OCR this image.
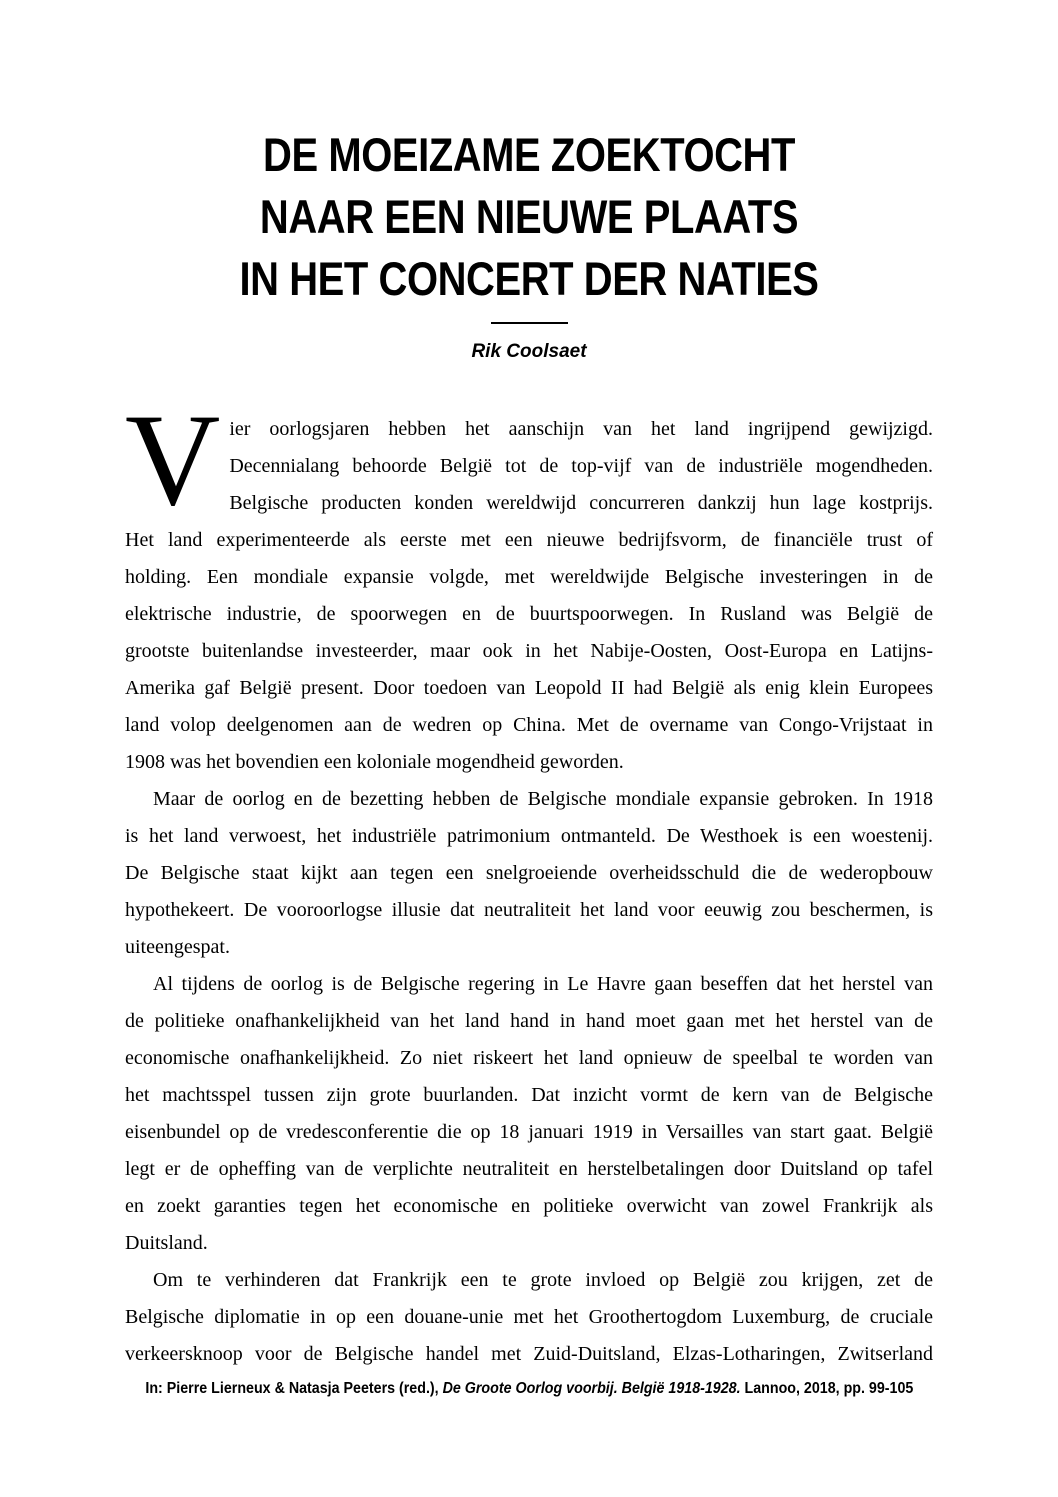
DE MOEIZAME ZOEKTOCHT
NAAR EEN NIEUWE PLAATS
IN HET CONCERT DER NATIES
Rik Coolsaet
V ier oorlogsjaren hebben het aanschijn van het land ingrijpend gewijzigd.
Decennialang behoorde België tot de top-vijf van de industriële mogendheden.
Belgische producten konden wereldwijd concurreren dankzij hun lage kostprijs.
Het land experimenteerde als eerste met een nieuwe bedrijfsvorm, de financiële trust of
holding. Een mondiale expansie volgde, met wereldwijde Belgische investeringen in de
elektrische industrie, de spoorwegen en de buurtspoorwegen. In Rusland was België de
grootste buitenlandse investeerder, maar ook in het Nabije-Oosten, Oost-Europa en Latijns-
Amerika gaf België present. Door toedoen van Leopold II had België als enig klein Europees
land volop deelgenomen aan de wedren op China. Met de overname van Congo-Vrijstaat in
1908 was het bovendien een koloniale mogendheid geworden.
Maar de oorlog en de bezetting hebben de Belgische mondiale expansie gebroken. In 1918
is het land verwoest, het industriële patrimonium ontmanteld. De Westhoek is een woestenij.
De Belgische staat kijkt aan tegen een snelgroeiende overheidsschuld die de wederopbouw
hypothekeert. De vooroorlogse illusie dat neutraliteit het land voor eeuwig zou beschermen, is
uiteengespat.
Al tijdens de oorlog is de Belgische regering in Le Havre gaan beseffen dat het herstel van
de politieke onafhankelijkheid van het land hand in hand moet gaan met het herstel van de
economische onafhankelijkheid. Zo niet riskeert het land opnieuw de speelbal te worden van
het machtsspel tussen zijn grote buurlanden. Dat inzicht vormt de kern van de Belgische
eisenbundel op de vredesconferentie die op 18 januari 1919 in Versailles van start gaat. België
legt er de opheffing van de verplichte neutraliteit en herstelbetalingen door Duitsland op tafel
en zoekt garanties tegen het economische en politieke overwicht van zowel Frankrijk als
Duitsland.
Om te verhinderen dat Frankrijk een te grote invloed op België zou krijgen, zet de
Belgische diplomatie in op een douane-unie met het Groothertogdom Luxemburg, de cruciale
verkeersknoop voor de Belgische handel met Zuid-Duitsland, Elzas-Lotharingen, Zwitserland
In: Pierre Lierneux & Natasja Peeters (red.), De Groote Oorlog voorbij. België 1918-1928. Lannoo, 2018, pp. 99-105
